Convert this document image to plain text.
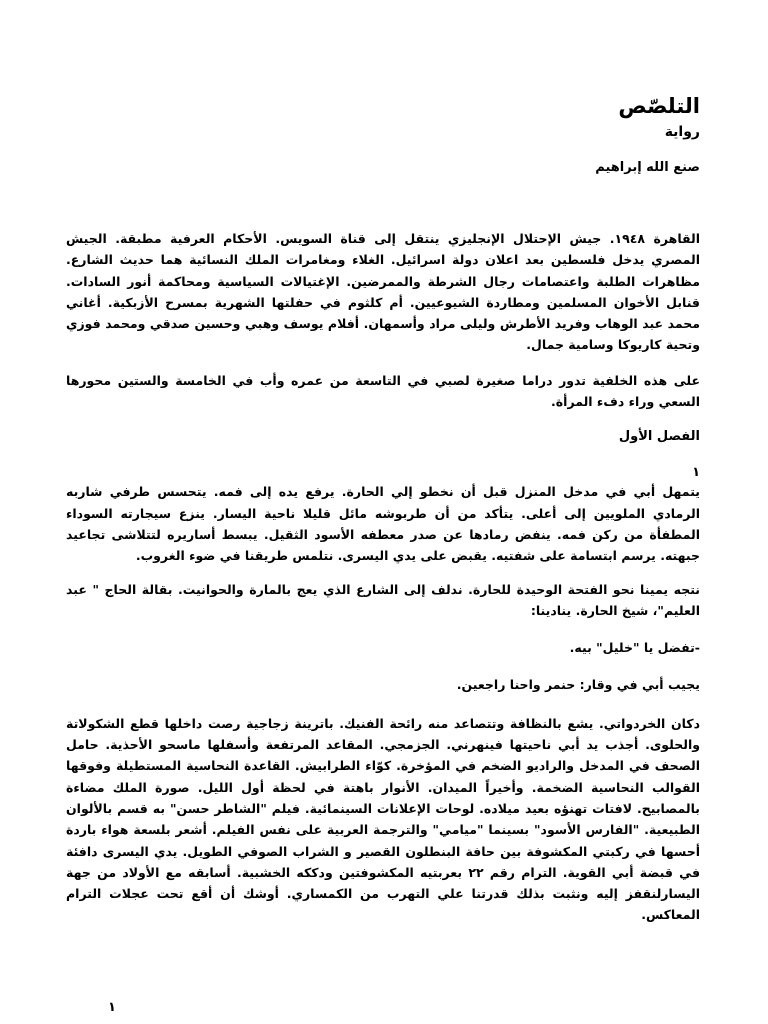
التلصّص

رواية

صنع الله إبراهيم

القاهرة ١٩٤٨. جيش الإحتلال الإنجليزي ينتقل إلى قناة السويس. الأحكام العرفية مطبقة. الجيش المصري يدخل فلسطين بعد اعلان دولة اسرائيل. الغلاء ومغامرات الملك النسائية هما حديث الشارع. مظاهرات الطلبة واعتصامات رجال الشرطة والممرضين. الإغتيالات السياسية ومحاكمة أنور السادات. قنابل الأخوان المسلمين ومطاردة الشيوعيين. أم كلثوم في حفلتها الشهرية بمسرح الأزبكية. أغاني محمد عبد الوهاب وفريد الأطرش وليلى مراد وأسمهان. أفلام يوسف وهبي وحسين صدقي ومحمد فوزي وتحية كاريوكا وسامية جمال.

على هذه الخلفية تدور دراما صغيرة لصبي في التاسعة من عمره وأب في الخامسة والستين محورها السعي وراء دفء المرأة.

الفصل الأول

١

يتمهل أبي في مدخل المنزل قبل أن نخطو إلي الحارة. يرفع يده إلى فمه. يتحسس طرفي شاربه الرمادي الملويين إلى أعلى. يتأكد من أن طربوشه مائل قليلا ناحية اليسار. ينزع سيجارته السوداء المطفأة من ركن فمه. ينفض رمادها عن صدر معطفه الأسود الثقيل. يبسط أساريره لتتلاشى تجاعيد جبهته. يرسم ابتسامة على شفتيه. يقبض على يدي اليسرى. نتلمس طريقنا في ضوء الغروب.

نتجه يمينا نحو الفتحة الوحيدة للحارة. ندلف إلى الشارع الذي يعج بالمارة والحوانيت. بقالة الحاج " عبد العليم"، شيخ الحارة. ينادينا:

-تفضل يا "خليل" بيه.

يجيب أبي في وقار: حنمر واحنا راجعين.

دكان الخردواتي. يشع بالنظافة وتتصاعد منه رائحة الفنيك. باترينة زجاجية رصت داخلها قطع الشكولاتة والحلوى. أجذب يد أبي ناحيتها فينهرني. الجزمجي. المقاعد المرتفعة وأسفلها ماسحو الأحذية. حامل الصحف في المدخل والراديو الضخم في المؤخرة. كوّاء الطرابيش. القاعدة النحاسية المستطيلة وفوقها القوالب النحاسية الضخمة. وأخيراً الميدان. الأنوار باهتة في لحظة أول الليل. صورة الملك مضاءة بالمصابيح. لافتات تهنؤه بعيد ميلاده. لوحات الإعلانات السينمائية. فيلم "الشاطر حسن" به قسم بالألوان الطبيعية. "الفارس الأسود" بسينما "ميامي" والترجمة العربية على نفس الفيلم. أشعر بلسعة هواء باردة أحسها في ركبتي المكشوفة بين حافة البنطلون القصير و الشراب الصوفي الطويل. يدي اليسرى دافئة في قبضة أبي القوية. الترام رقم ٢٢ بعربتيه المكشوفتين ودككه الخشبية. أسابقه مع الأولاد من جهة اليسارلنقفز إليه ونثبت بذلك قدرتنا علي التهرب من الكمساري. أوشك أن أقع تحت عجلات الترام المعاكس.

١
